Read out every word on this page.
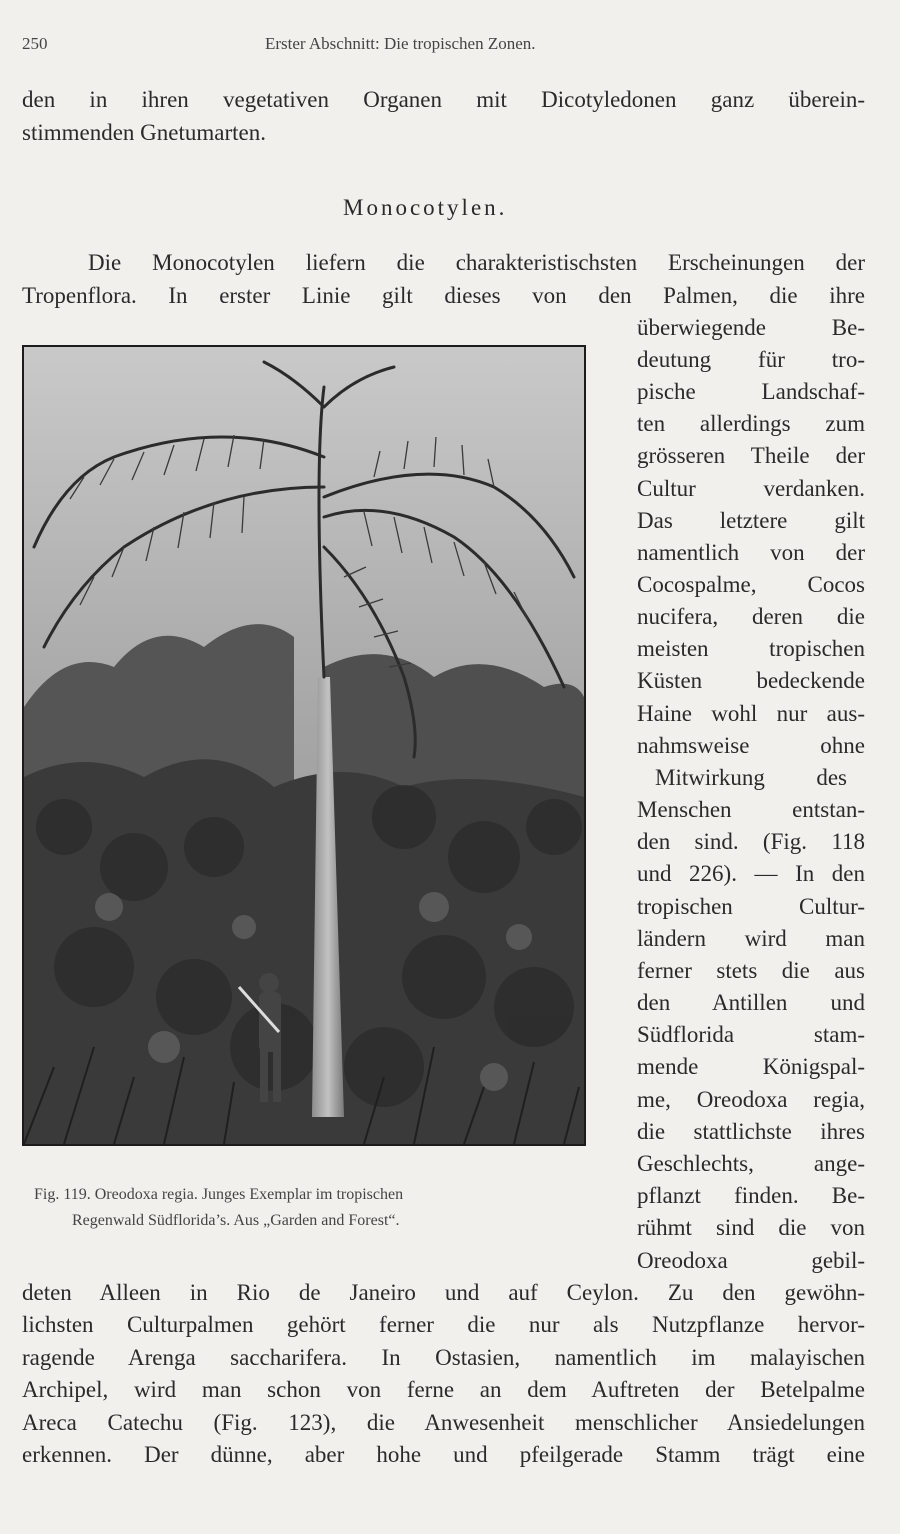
250	Erster Abschnitt: Die tropischen Zonen.
den in ihren vegetativen Organen mit Dicotyledonen ganz überein-
stimmenden Gnetumarten.
Monocotylen.
Die Monocotylen liefern die charakteristischsten Erscheinungen der
Tropenflora. In erster Linie gilt dieses von den Palmen, die ihre
überwiegende Be-
deutung für tro-
pische Landschaf-
ten allerdings zum
grösseren Theile der
Cultur verdanken.
Das letztere gilt
namentlich von der
Cocospalme, Cocos
nucifera, deren die
meisten tropischen
Küsten bedeckende
Haine wohl nur aus-
nahmsweise ohne
Mitwirkung des
Menschen entstan-
den sind. (Fig. 118
und 226). — In den
tropischen Cultur-
ländern wird man
ferner stets die aus
den Antillen und
Südflorida stam-
mende Königspal-
me, Oreodoxa regia,
die stattlichste ihres
Geschlechts, ange-
pflanzt finden. Be-
rühmt sind die von
Oreodoxa gebil-
Fig. 119. Oreodoxa regia. Junges Exemplar im tropischen
Regenwald Südflorida’s. Aus „Garden and Forest“.
deten Alleen in Rio de Janeiro und auf Ceylon. Zu den gewöhn-
lichsten Culturpalmen gehört ferner die nur als Nutzpflanze hervor-
ragende Arenga saccharifera. In Ostasien, namentlich im malayischen
Archipel, wird man schon von ferne an dem Auftreten der Betelpalme
Areca Catechu (Fig. 123), die Anwesenheit menschlicher Ansiedelungen
erkennen. Der dünne, aber hohe und pfeilgerade Stamm trägt eine
